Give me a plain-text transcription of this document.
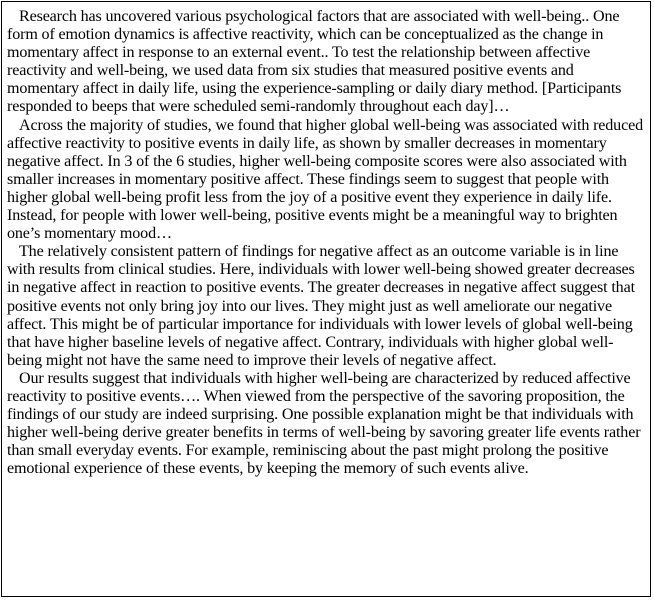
Research has uncovered various psychological factors that are associated with well-being.. One form of emotion dynamics is affective reactivity, which can be conceptualized as the change in momentary affect in response to an external event.. To test the relationship between affective reactivity and well-being, we used data from six studies that measured positive events and momentary affect in daily life, using the experience-sampling or daily diary method. [Participants responded to beeps that were scheduled semi-randomly throughout each day]…

Across the majority of studies, we found that higher global well-being was associated with reduced affective reactivity to positive events in daily life, as shown by smaller decreases in momentary negative affect. In 3 of the 6 studies, higher well-being composite scores were also associated with smaller increases in momentary positive affect. These findings seem to suggest that people with higher global well-being profit less from the joy of a positive event they experience in daily life. Instead, for people with lower well-being, positive events might be a meaningful way to brighten one’s momentary mood…

The relatively consistent pattern of findings for negative affect as an outcome variable is in line with results from clinical studies. Here, individuals with lower well-being showed greater decreases in negative affect in reaction to positive events. The greater decreases in negative affect suggest that positive events not only bring joy into our lives. They might just as well ameliorate our negative affect. This might be of particular importance for individuals with lower levels of global well-being that have higher baseline levels of negative affect. Contrary, individuals with higher global well-being might not have the same need to improve their levels of negative affect.

Our results suggest that individuals with higher well-being are characterized by reduced affective reactivity to positive events…. When viewed from the perspective of the savoring proposition, the findings of our study are indeed surprising. One possible explanation might be that individuals with higher well-being derive greater benefits in terms of well-being by savoring greater life events rather than small everyday events. For example, reminiscing about the past might prolong the positive emotional experience of these events, by keeping the memory of such events alive.
